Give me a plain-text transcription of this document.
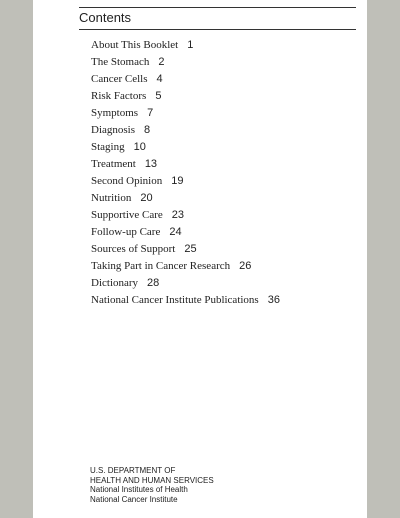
Contents
About This Booklet 1
The Stomach 2
Cancer Cells 4
Risk Factors 5
Symptoms 7
Diagnosis 8
Staging 10
Treatment 13
Second Opinion 19
Nutrition 20
Supportive Care 23
Follow-up Care 24
Sources of Support 25
Taking Part in Cancer Research 26
Dictionary 28
National Cancer Institute Publications 36
U.S. DEPARTMENT OF
HEALTH AND HUMAN SERVICES
National Institutes of Health
National Cancer Institute
